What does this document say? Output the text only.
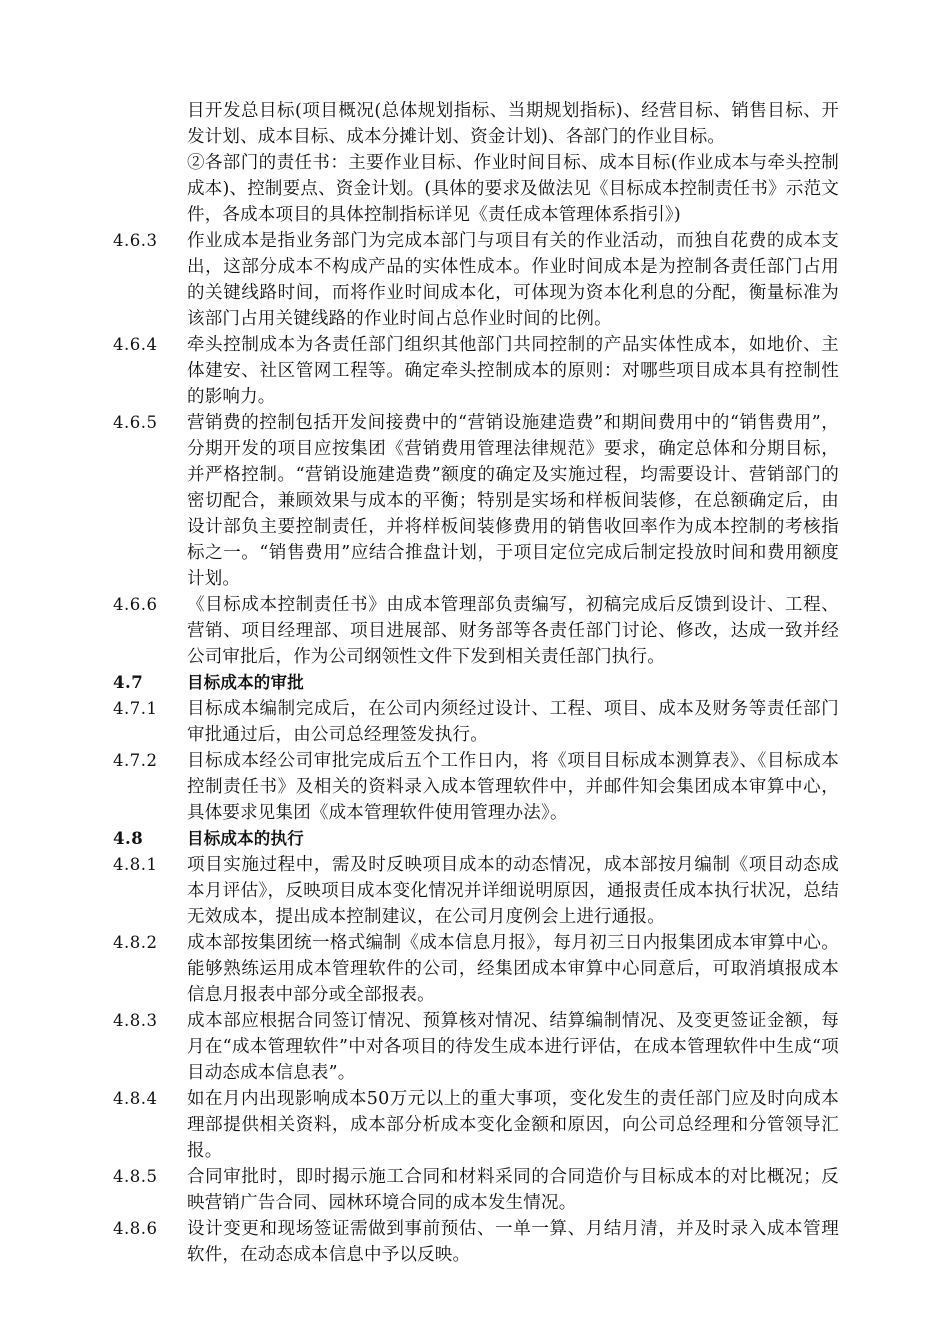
目开发总目标(项目概况(总体规划指标、当期规划指标)、经营目标、销售目标、开发计划、成本目标、成本分摊计划、资金计划)、各部门的作业目标。
②各部门的责任书：主要作业目标、作业时间目标、成本目标(作业成本与牵头控制成本)、控制要点、资金计划。(具体的要求及做法见《目标成本控制责任书》示范文件，各成本项目的具体控制指标详见《责任成本管理体系指引》)
4.6.3	作业成本是指业务部门为完成本部门与项目有关的作业活动，而独自花费的成本支出，这部分成本不构成产品的实体性成本。作业时间成本是为控制各责任部门占用的关键线路时间，而将作业时间成本化，可体现为资本化利息的分配，衡量标准为该部门占用关键线路的作业时间占总作业时间的比例。
4.6.4	牵头控制成本为各责任部门组织其他部门共同控制的产品实体性成本，如地价、主体建安、社区管网工程等。确定牵头控制成本的原则：对哪些项目成本具有控制性的影响力。
4.6.5	营销费的控制包括开发间接费中的“营销设施建造费”和期间费用中的“销售费用”，分期开发的项目应按集团《营销费用管理法律规范》要求，确定总体和分期目标，并严格控制。“营销设施建造费”额度的确定及实施过程，均需要设计、营销部门的密切配合，兼顾效果与成本的平衡；特别是实场和样板间装修，在总额确定后，由设计部负主要控制责任，并将样板间装修费用的销售收回率作为成本控制的考核指标之一。“销售费用”应结合推盘计划，于项目定位完成后制定投放时间和费用额度计划。
4.6.6	《目标成本控制责任书》由成本管理部负责编写，初稿完成后反馈到设计、工程、营销、项目经理部、项目进展部、财务部等各责任部门讨论、修改，达成一致并经公司审批后，作为公司纲领性文件下发到相关责任部门执行。
4.7	目标成本的审批
4.7.1	目标成本编制完成后，在公司内须经过设计、工程、项目、成本及财务等责任部门审批通过后，由公司总经理签发执行。
4.7.2	目标成本经公司审批完成后五个工作日内，将《项目目标成本测算表》、《目标成本控制责任书》及相关的资料录入成本管理软件中，并邮件知会集团成本审算中心，具体要求见集团《成本管理软件使用管理办法》。
4.8	目标成本的执行
4.8.1	项目实施过程中，需及时反映项目成本的动态情况，成本部按月编制《项目动态成本月评估》，反映项目成本变化情况并详细说明原因，通报责任成本执行状况，总结无效成本，提出成本控制建议，在公司月度例会上进行通报。
4.8.2	成本部按集团统一格式编制《成本信息月报》，每月初三日内报集团成本审算中心。能够熟练运用成本管理软件的公司，经集团成本审算中心同意后，可取消填报成本信息月报表中部分或全部报表。
4.8.3	成本部应根据合同签订情况、预算核对情况、结算编制情况、及变更签证金额，每月在“成本管理软件”中对各项目的待发生成本进行评估，在成本管理软件中生成“项目动态成本信息表”。
4.8.4	如在月内出现影响成本50万元以上的重大事项，变化发生的责任部门应及时向成本理部提供相关资料，成本部分析成本变化金额和原因，向公司总经理和分管领导汇报。
4.8.5	合同审批时，即时揭示施工合同和材料采同的合同造价与目标成本的对比概况；反映营销广告合同、园林环境合同的成本发生情况。
4.8.6	设计变更和现场签证需做到事前预估、一单一算、月结月清，并及时录入成本管理软件，在动态成本信息中予以反映。
